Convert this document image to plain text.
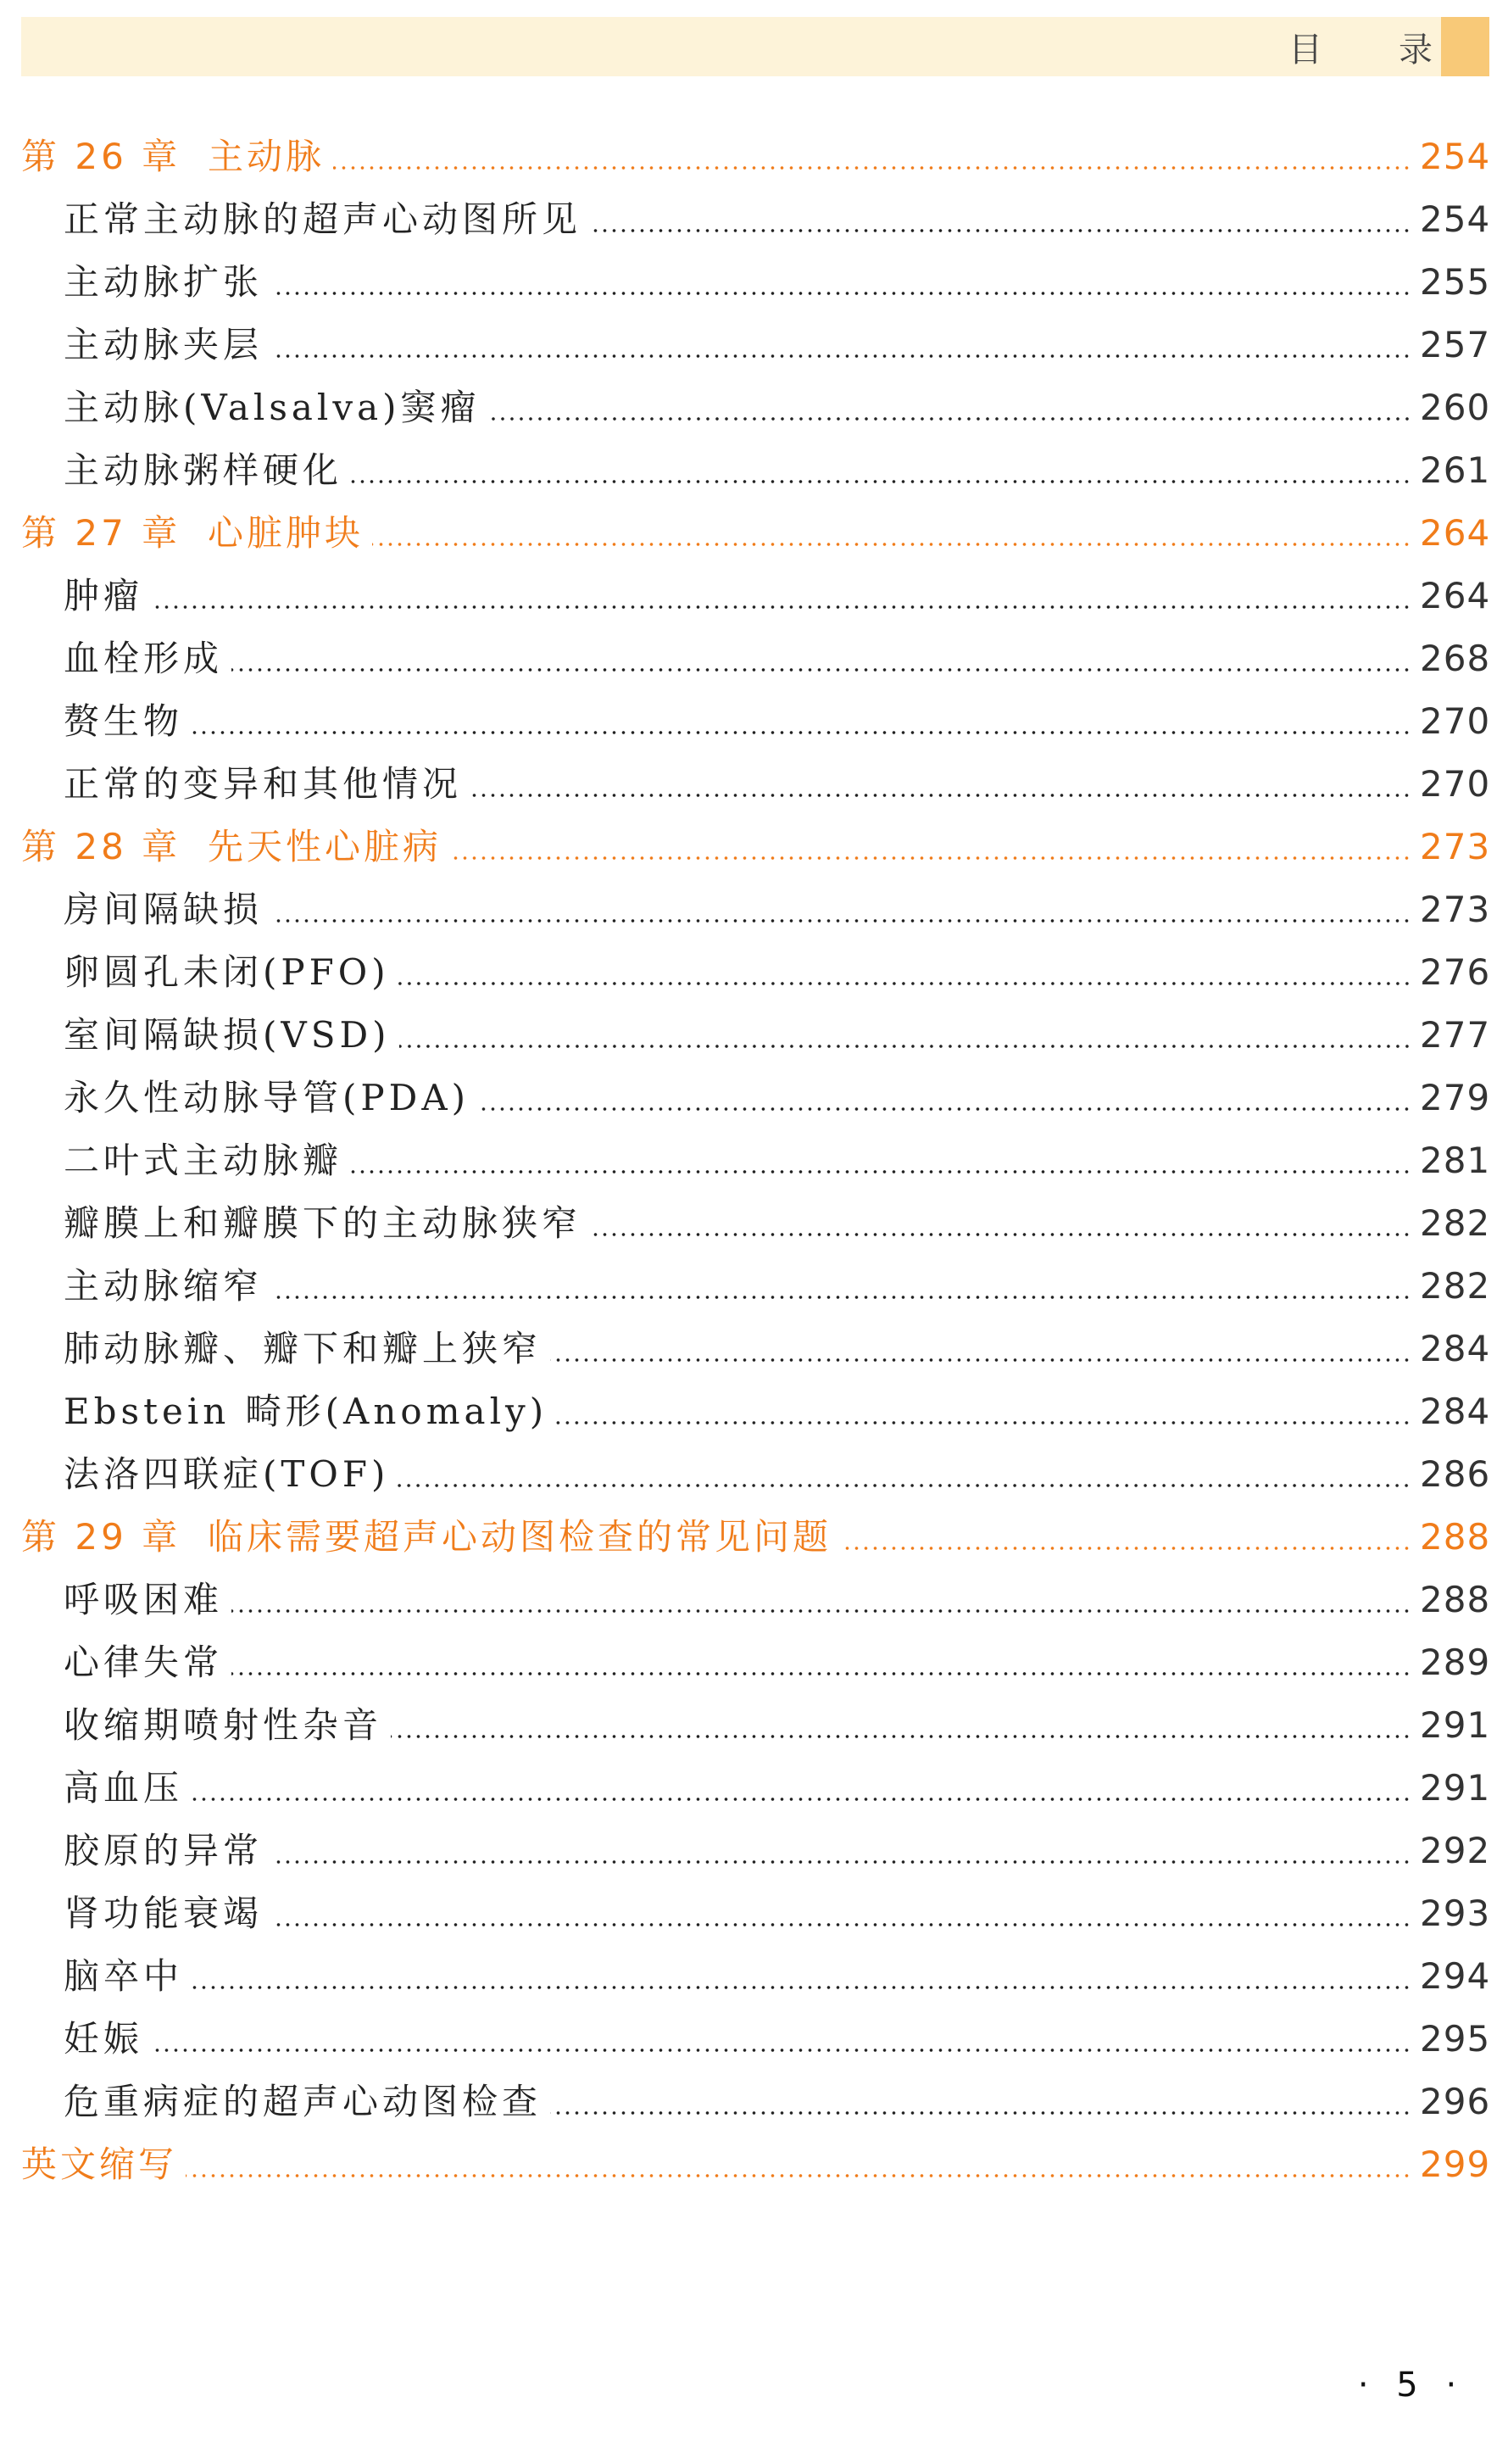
目 录
第 26 章 主动脉	254
正常主动脉的超声心动图所见	254
主动脉扩张	255
主动脉夹层	257
主动脉(Valsalva)窦瘤	260
主动脉粥样硬化	261
第 27 章 心脏肿块	264
肿瘤	264
血栓形成	268
赘生物	270
正常的变异和其他情况	270
第 28 章 先天性心脏病	273
房间隔缺损	273
卵圆孔未闭(PFO)	276
室间隔缺损(VSD)	277
永久性动脉导管(PDA)	279
二叶式主动脉瓣	281
瓣膜上和瓣膜下的主动脉狭窄	282
主动脉缩窄	282
肺动脉瓣、瓣下和瓣上狭窄	284
Ebstein 畸形(Anomaly)	284
法洛四联症(TOF)	286
第 29 章 临床需要超声心动图检查的常见问题	288
呼吸困难	288
心律失常	289
收缩期喷射性杂音	291
高血压	291
胶原的异常	292
肾功能衰竭	293
脑卒中	294
妊娠	295
危重病症的超声心动图检查	296
英文缩写	299
· 5 ·
